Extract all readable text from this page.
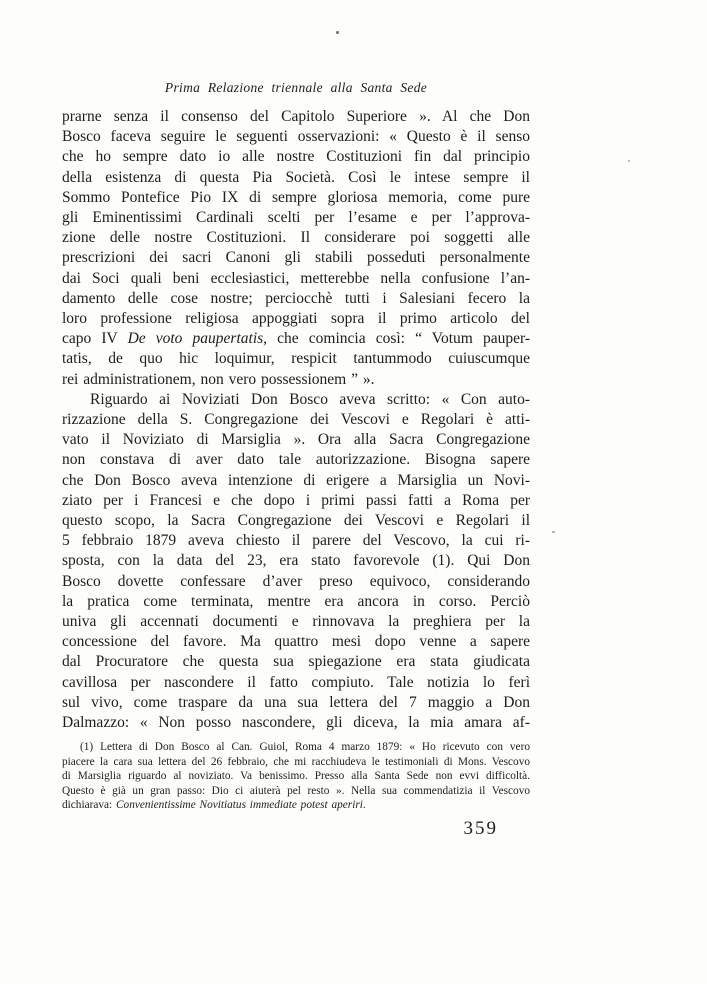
Prima Relazione triennale alla Santa Sede
prarne senza il consenso del Capitolo Superiore ». Al che Don
Bosco faceva seguire le seguenti osservazioni: « Questo è il senso
che ho sempre dato io alle nostre Costituzioni fin dal principio
della esistenza di questa Pia Società. Così le intese sempre il
Sommo Pontefice Pio IX di sempre gloriosa memoria, come pure
gli Eminentissimi Cardinali scelti per l’esame e per l’approva-
zione delle nostre Costituzioni. Il considerare poi soggetti alle
prescrizioni dei sacri Canoni gli stabili posseduti personalmente
dai Soci quali beni ecclesiastici, metterebbe nella confusione l’an-
damento delle cose nostre; perciocchè tutti i Salesiani fecero la
loro professione religiosa appoggiati sopra il primo articolo del
capo IV De voto paupertatis, che comincia così: “ Votum pauper-
tatis, de quo hic loquimur, respicit tantummodo cuiuscumque
rei administrationem, non vero possessionem ” ».
Riguardo ai Noviziati Don Bosco aveva scritto: « Con auto-
rizzazione della S. Congregazione dei Vescovi e Regolari è atti-
vato il Noviziato di Marsiglia ». Ora alla Sacra Congregazione
non constava di aver dato tale autorizzazione. Bisogna sapere
che Don Bosco aveva intenzione di erigere a Marsiglia un Novi-
ziato per i Francesi e che dopo i primi passi fatti a Roma per
questo scopo, la Sacra Congregazione dei Vescovi e Regolari il
5 febbraio 1879 aveva chiesto il parere del Vescovo, la cui ri-
sposta, con la data del 23, era stato favorevole (1). Qui Don
Bosco dovette confessare d’aver preso equivoco, considerando
la pratica come terminata, mentre era ancora in corso. Perciò
univa gli accennati documenti e rinnovava la preghiera per la
concessione del favore. Ma quattro mesi dopo venne a sapere
dal Procuratore che questa sua spiegazione era stata giudicata
cavillosa per nascondere il fatto compiuto. Tale notizia lo ferì
sul vivo, come traspare da una sua lettera del 7 maggio a Don
Dalmazzo: « Non posso nascondere, gli diceva, la mia amara af-
(1) Lettera di Don Bosco al Can. Guiol, Roma 4 marzo 1879: « Ho ricevuto con vero
piacere la cara sua lettera del 26 febbraio, che mi racchiudeva le testimoniali di Mons. Vescovo
di Marsiglia riguardo al noviziato. Va benissimo. Presso alla Santa Sede non evvi difficoltà.
Questo è già un gran passo: Dio ci aiuterà pel resto ». Nella sua commendatizia il Vescovo
dichiarava: Convenientissime Novitiatus immediate potest aperiri.
359
